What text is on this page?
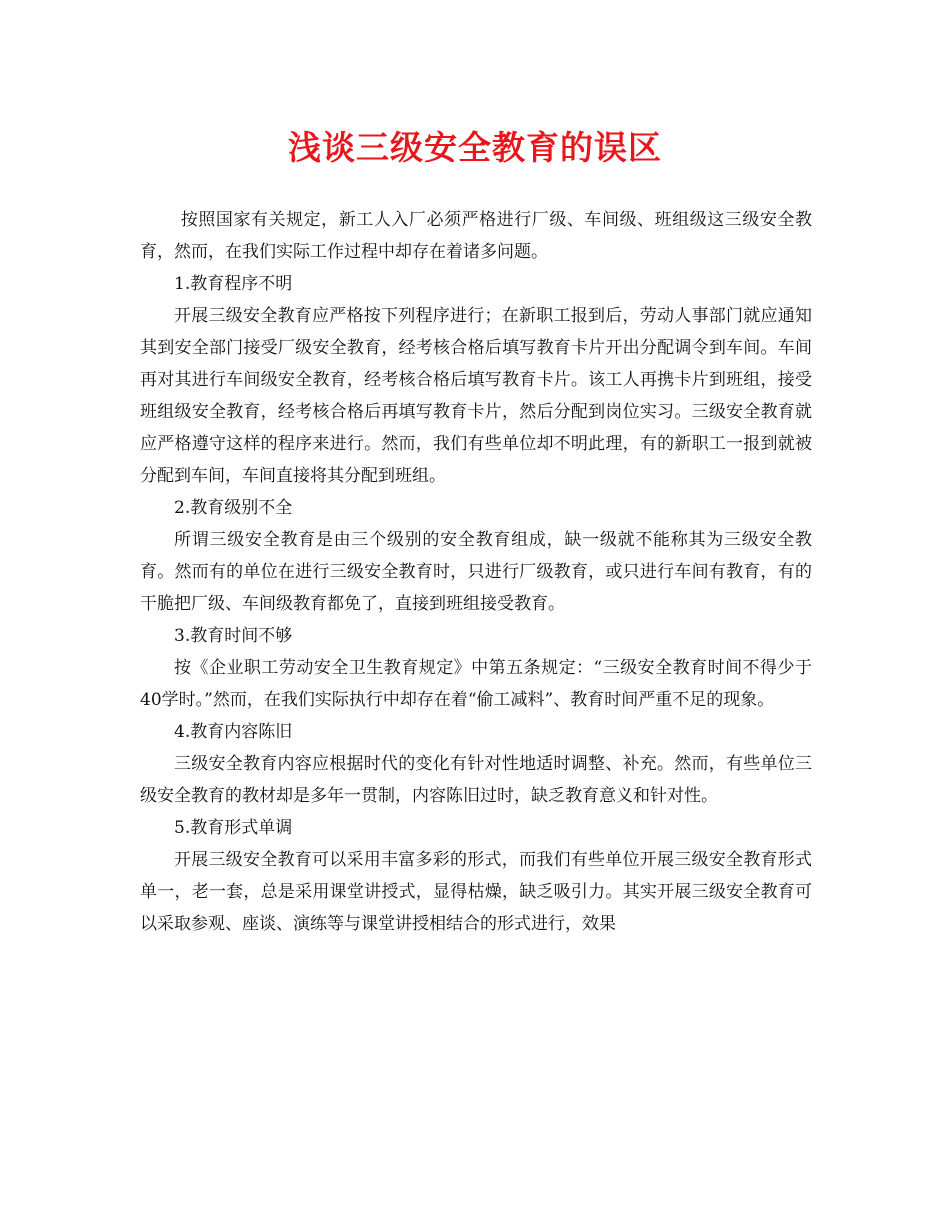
浅谈三级安全教育的误区

按照国家有关规定，新工人入厂必须严格进行厂级、车间级、班组级这三级安全教育，然而，在我们实际工作过程中却存在着诸多问题。

1.教育程序不明

开展三级安全教育应严格按下列程序进行；在新职工报到后，劳动人事部门就应通知其到安全部门接受厂级安全教育，经考核合格后填写教育卡片开出分配调令到车间。车间再对其进行车间级安全教育，经考核合格后填写教育卡片。该工人再携卡片到班组，接受班组级安全教育，经考核合格后再填写教育卡片，然后分配到岗位实习。三级安全教育就应严格遵守这样的程序来进行。然而，我们有些单位却不明此理，有的新职工一报到就被分配到车间，车间直接将其分配到班组。

2.教育级别不全

所谓三级安全教育是由三个级别的安全教育组成，缺一级就不能称其为三级安全教育。然而有的单位在进行三级安全教育时，只进行厂级教育，或只进行车间有教育，有的干脆把厂级、车间级教育都免了，直接到班组接受教育。

3.教育时间不够

按《企业职工劳动安全卫生教育规定》中第五条规定：“三级安全教育时间不得少于40学时。”然而，在我们实际执行中却存在着“偷工减料”、教育时间严重不足的现象。

4.教育内容陈旧

三级安全教育内容应根据时代的变化有针对性地适时调整、补充。然而，有些单位三级安全教育的教材却是多年一贯制，内容陈旧过时，缺乏教育意义和针对性。

5.教育形式单调

开展三级安全教育可以采用丰富多彩的形式，而我们有些单位开展三级安全教育形式单一，老一套，总是采用课堂讲授式，显得枯燥，缺乏吸引力。其实开展三级安全教育可以采取参观、座谈、演练等与课堂讲授相结合的形式进行，效果
